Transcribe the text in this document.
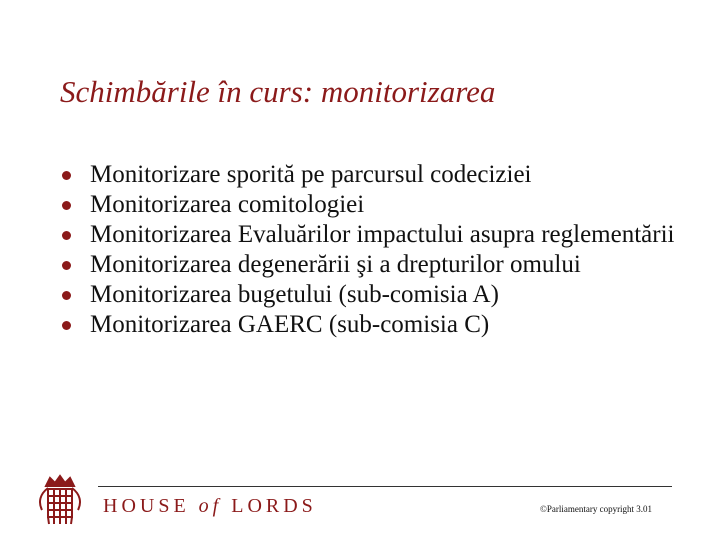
Schimbările în curs: monitorizarea
Monitorizare sporită pe parcursul codeciziei
Monitorizarea comitologiei
Monitorizarea Evaluărilor impactului asupra reglementării
Monitorizarea degenerării şi a drepturilor omului
Monitorizarea bugetului (sub-comisia A)
Monitorizarea GAERC (sub-comisia C)
HOUSE of LORDS	©Parliamentary copyright 3.01
